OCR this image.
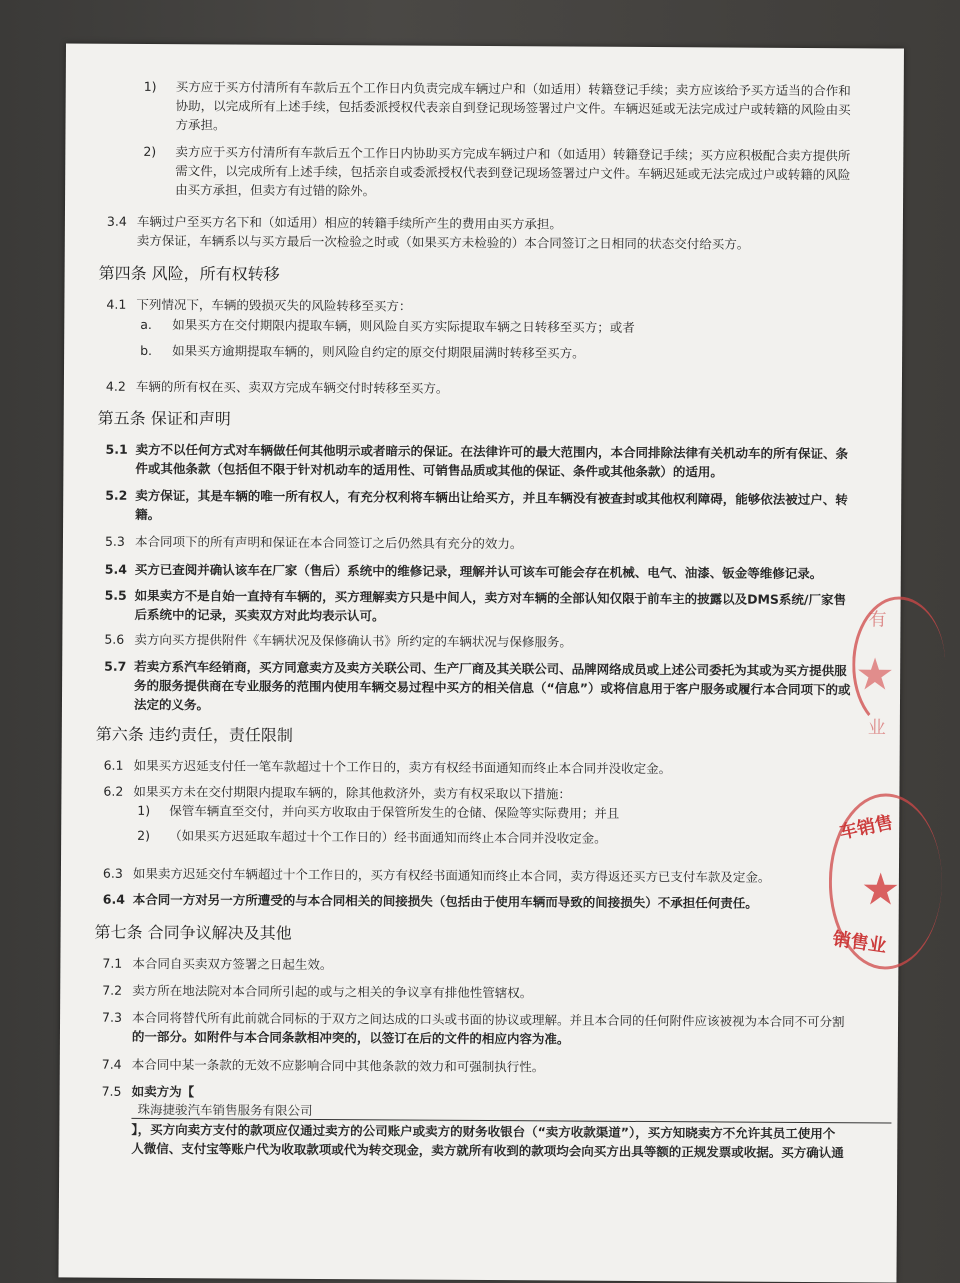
1) 买方应于买方付清所有车款后五个工作日内负责完成车辆过户和（如适用）转籍登记手续；卖方应该给予买方适当的合作和
协助，以完成所有上述手续，包括委派授权代表亲自到登记现场签署过户文件。车辆迟延或无法完成过户或转籍的风险由买
方承担。
2) 卖方应于买方付清所有车款后五个工作日内协助买方完成车辆过户和（如适用）转籍登记手续；买方应积极配合卖方提供所
需文件，以完成所有上述手续，包括亲自或委派授权代表到登记现场签署过户文件。车辆迟延或无法完成过户或转籍的风险
由买方承担，但卖方有过错的除外。
3.4 车辆过户至买方名下和（如适用）相应的转籍手续所产生的费用由买方承担。
卖方保证，车辆系以与买方最后一次检验之时或（如果买方未检验的）本合同签订之日相同的状态交付给买方。
第四条 风险，所有权转移
4.1 下列情况下，车辆的毁损灭失的风险转移至买方：
a. 如果买方在交付期限内提取车辆，则风险自买方实际提取车辆之日转移至买方；或者
b. 如果买方逾期提取车辆的，则风险自约定的原交付期限届满时转移至买方。
4.2 车辆的所有权在买、卖双方完成车辆交付时转移至买方。
第五条 保证和声明
5.1 卖方不以任何方式对车辆做任何其他明示或者暗示的保证。在法律许可的最大范围内，本合同排除法律有关机动车的所有保证、条
件或其他条款（包括但不限于针对机动车的适用性、可销售品质或其他的保证、条件或其他条款）的适用。
5.2 卖方保证，其是车辆的唯一所有权人，有充分权利将车辆出让给买方，并且车辆没有被查封或其他权利障碍，能够依法被过户、转
籍。
5.3 本合同项下的所有声明和保证在本合同签订之后仍然具有充分的效力。
5.4 买方已查阅并确认该车在厂家（售后）系统中的维修记录，理解并认可该车可能会存在机械、电气、油漆、钣金等维修记录。
5.5 如果卖方不是自始一直持有车辆的，买方理解卖方只是中间人，卖方对车辆的全部认知仅限于前车主的披露以及DMS系统/厂家售
后系统中的记录，买卖双方对此均表示认可。
5.6 卖方向买方提供附件《车辆状况及保修确认书》所约定的车辆状况与保修服务。
5.7 若卖方系汽车经销商，买方同意卖方及卖方关联公司、生产厂商及其关联公司、品牌网络成员或上述公司委托为其或为买方提供服
务的服务提供商在专业服务的范围内使用车辆交易过程中买方的相关信息（“信息”）或将信息用于客户服务或履行本合同项下的或
法定的义务。
第六条 违约责任，责任限制
6.1 如果买方迟延支付任一笔车款超过十个工作日的，卖方有权经书面通知而终止本合同并没收定金。
6.2 如果买方未在交付期限内提取车辆的，除其他救济外，卖方有权采取以下措施：
1) 保管车辆直至交付，并向买方收取由于保管所发生的仓储、保险等实际费用；并且
2) （如果买方迟延取车超过十个工作日的）经书面通知而终止本合同并没收定金。
6.3 如果卖方迟延交付车辆超过十个工作日的，买方有权经书面通知而终止本合同，卖方得返还买方已支付车款及定金。
6.4 本合同一方对另一方所遭受的与本合同相关的间接损失（包括由于使用车辆而导致的间接损失）不承担任何责任。
第七条 合同争议解决及其他
7.1 本合同自买卖双方签署之日起生效。
7.2 卖方所在地法院对本合同所引起的或与之相关的争议享有排他性管辖权。
7.3 本合同将替代所有此前就合同标的于双方之间达成的口头或书面的协议或理解。并且本合同的任何附件应该被视为本合同不可分割
的一部分。如附件与本合同条款相冲突的，以签订在后的文件的相应内容为准。
7.4 本合同中某一条款的无效不应影响合同中其他条款的效力和可强制执行性。
7.5 如卖方为【
珠海捷骏汽车销售服务有限公司
】，买方向卖方支付的款项应仅通过卖方的公司账户或卖方的财务收银台（“卖方收款渠道”），买方知晓卖方不允许其员工使用个
人微信、支付宝等账户代为收取款项或代为转交现金，卖方就所有收到的款项均会向买方出具等额的正规发票或收据。买方确认通
有
★
业
车销售
★
销售业
